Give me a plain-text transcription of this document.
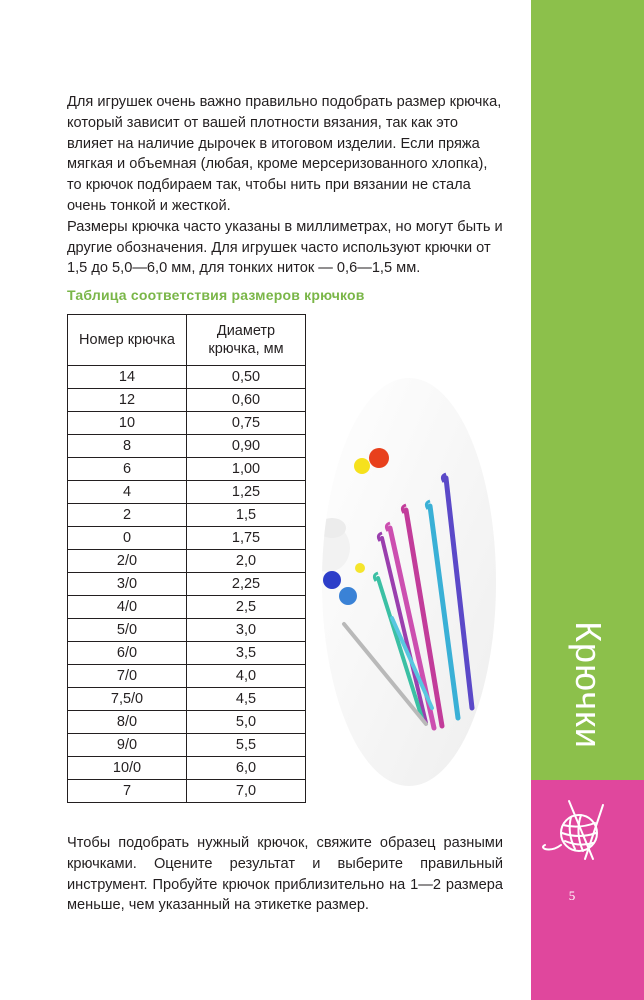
Для игрушек очень важно правильно подобрать размер крючка, который зависит от вашей плотности вязания, так как это влияет на наличие дырочек в итоговом изделии. Если пряжа мягкая и объемная (любая, кроме мерсеризованного хлопка), то крючок подбираем так, чтобы нить при вязании не стала очень тонкой и жесткой.

Размеры крючка часто указаны в миллиметрах, но могут быть и другие обозначения. Для игрушек часто используют крючки от 1,5 до 5,0—6,0 мм, для тонких ниток — 0,6—1,5 мм.

Таблица соответствия размеров крючков
Номер крючка	Диаметр
крючка, мм
14	0,50
12	0,60
10	0,75
8	0,90
6	1,00
4	1,25
2	1,5
0	1,75
2/0	2,0
3/0	2,25
4/0	2,5
5/0	3,0
6/0	3,5
7/0	4,0
7,5/0	4,5
8/0	5,0
9/0	5,5
10/0	6,0
7	7,0

Чтобы подобрать нужный крючок, свяжите образец разными крючками. Оцените результат и выберите правильный инструмент. Пробуйте крючок приблизительно на 1—2 размера меньше, чем указанный на этикетке размер.

Крючки
5
